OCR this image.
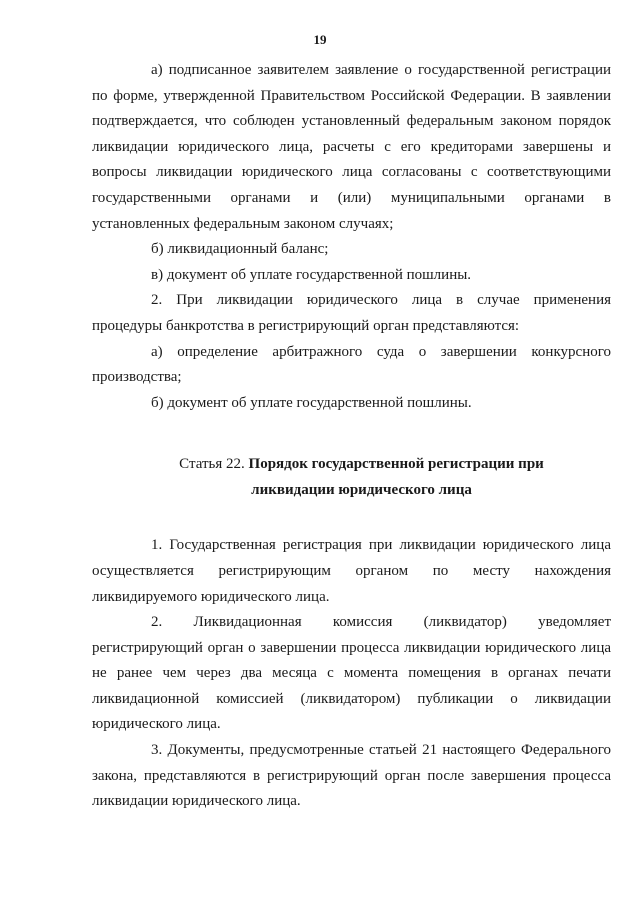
19

а) подписанное заявителем заявление о государственной регистрации по форме, утвержденной Правительством Российской Федерации. В заявлении подтверждается, что соблюден установленный федеральным законом порядок ликвидации юридического лица, расчеты с его кредиторами завершены и вопросы ликвидации юридического лица согласованы с соответствующими государственными органами и (или) муниципальными органами в установленных федеральным законом случаях;

б) ликвидационный баланс;

в) документ об уплате государственной пошлины.

2. При ликвидации юридического лица в случае применения процедуры банкротства в регистрирующий орган представляются:

а) определение арбитражного суда о завершении конкурсного производства;

б) документ об уплате государственной пошлины.

Статья 22. Порядок государственной регистрации при
ликвидации юридического лица

1. Государственная регистрация при ликвидации юридического лица осуществляется регистрирующим органом по месту нахождения ликвидируемого юридического лица.

2. Ликвидационная комиссия (ликвидатор) уведомляет регистрирующий орган о завершении процесса ликвидации юридического лица не ранее чем через два месяца с момента помещения в органах печати ликвидационной комиссией (ликвидатором) публикации о ликвидации юридического лица.

3. Документы, предусмотренные статьей 21 настоящего Федерального закона, представляются в регистрирующий орган после завершения процесса ликвидации юридического лица.
